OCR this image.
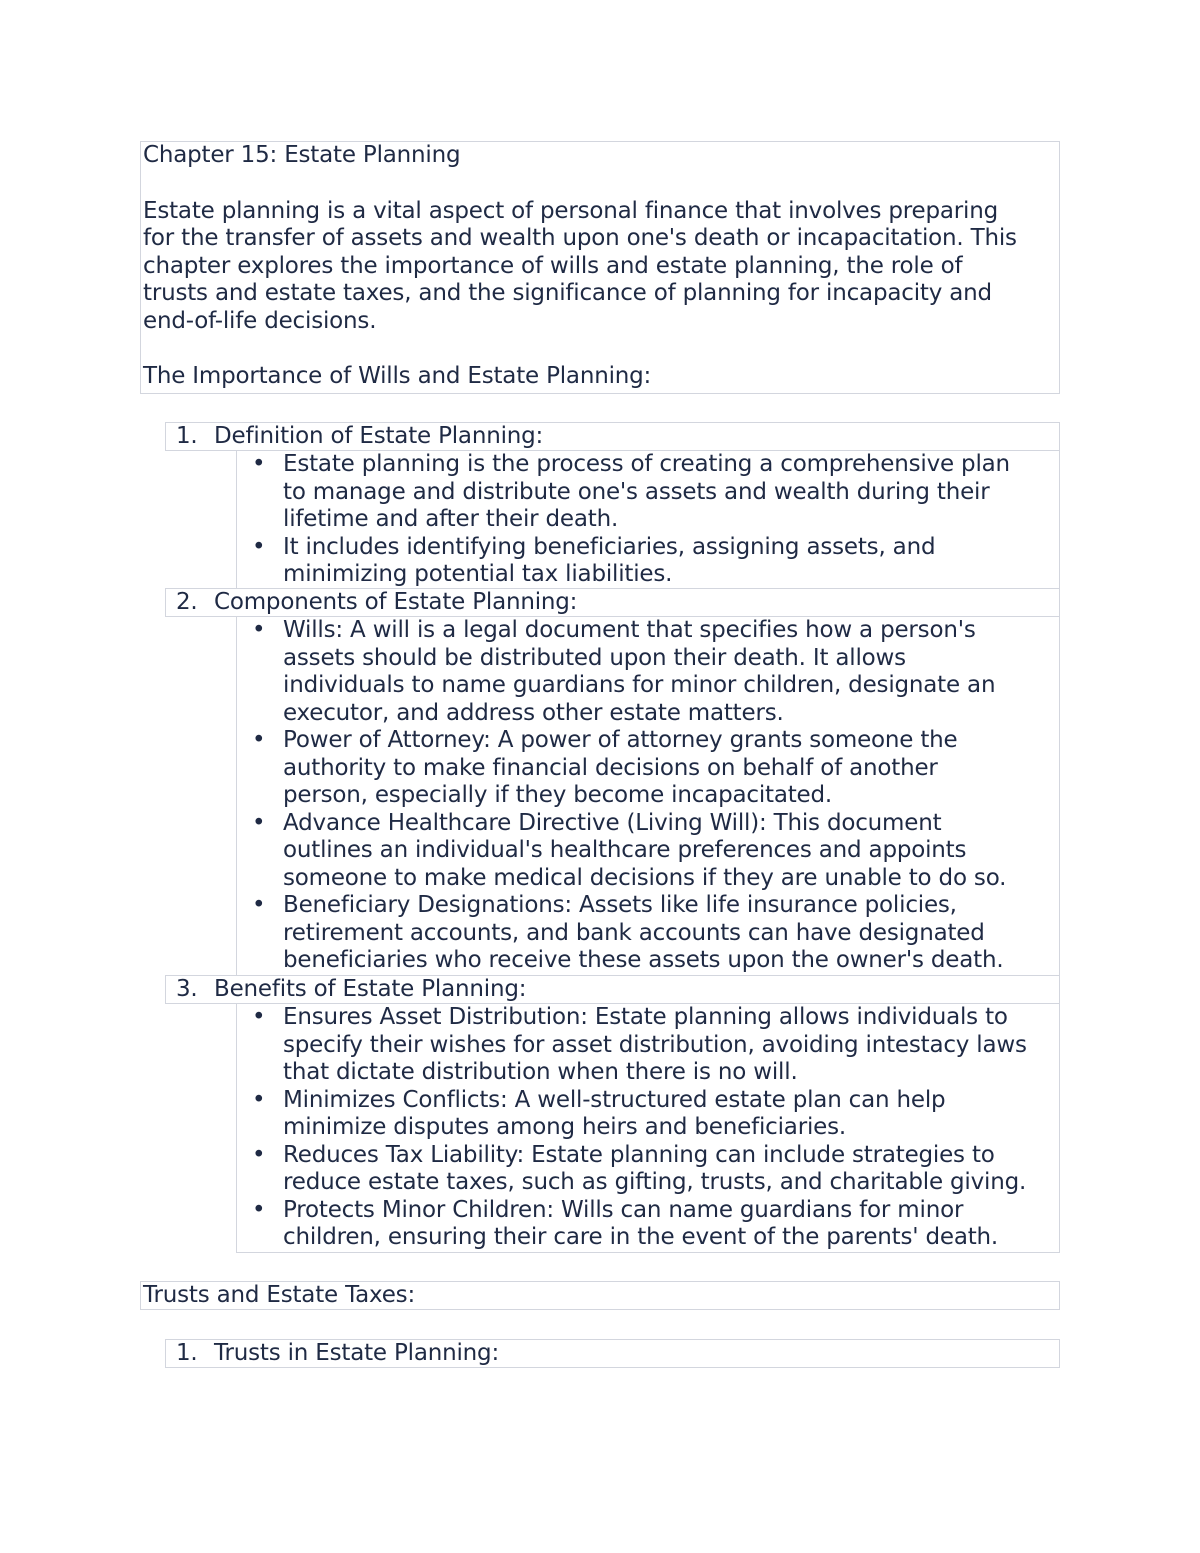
Chapter 15: Estate Planning
Estate planning is a vital aspect of personal finance that involves preparing
for the transfer of assets and wealth upon one's death or incapacitation. This
chapter explores the importance of wills and estate planning, the role of
trusts and estate taxes, and the significance of planning for incapacity and
end-of-life decisions.
The Importance of Wills and Estate Planning:
1. Definition of Estate Planning:
• Estate planning is the process of creating a comprehensive plan
to manage and distribute one's assets and wealth during their
lifetime and after their death.
• It includes identifying beneficiaries, assigning assets, and
minimizing potential tax liabilities.
2. Components of Estate Planning:
• Wills: A will is a legal document that specifies how a person's
assets should be distributed upon their death. It allows
individuals to name guardians for minor children, designate an
executor, and address other estate matters.
• Power of Attorney: A power of attorney grants someone the
authority to make financial decisions on behalf of another
person, especially if they become incapacitated.
• Advance Healthcare Directive (Living Will): This document
outlines an individual's healthcare preferences and appoints
someone to make medical decisions if they are unable to do so.
• Beneficiary Designations: Assets like life insurance policies,
retirement accounts, and bank accounts can have designated
beneficiaries who receive these assets upon the owner's death.
3. Benefits of Estate Planning:
• Ensures Asset Distribution: Estate planning allows individuals to
specify their wishes for asset distribution, avoiding intestacy laws
that dictate distribution when there is no will.
• Minimizes Conflicts: A well-structured estate plan can help
minimize disputes among heirs and beneficiaries.
• Reduces Tax Liability: Estate planning can include strategies to
reduce estate taxes, such as gifting, trusts, and charitable giving.
• Protects Minor Children: Wills can name guardians for minor
children, ensuring their care in the event of the parents' death.
Trusts and Estate Taxes:
1. Trusts in Estate Planning:
